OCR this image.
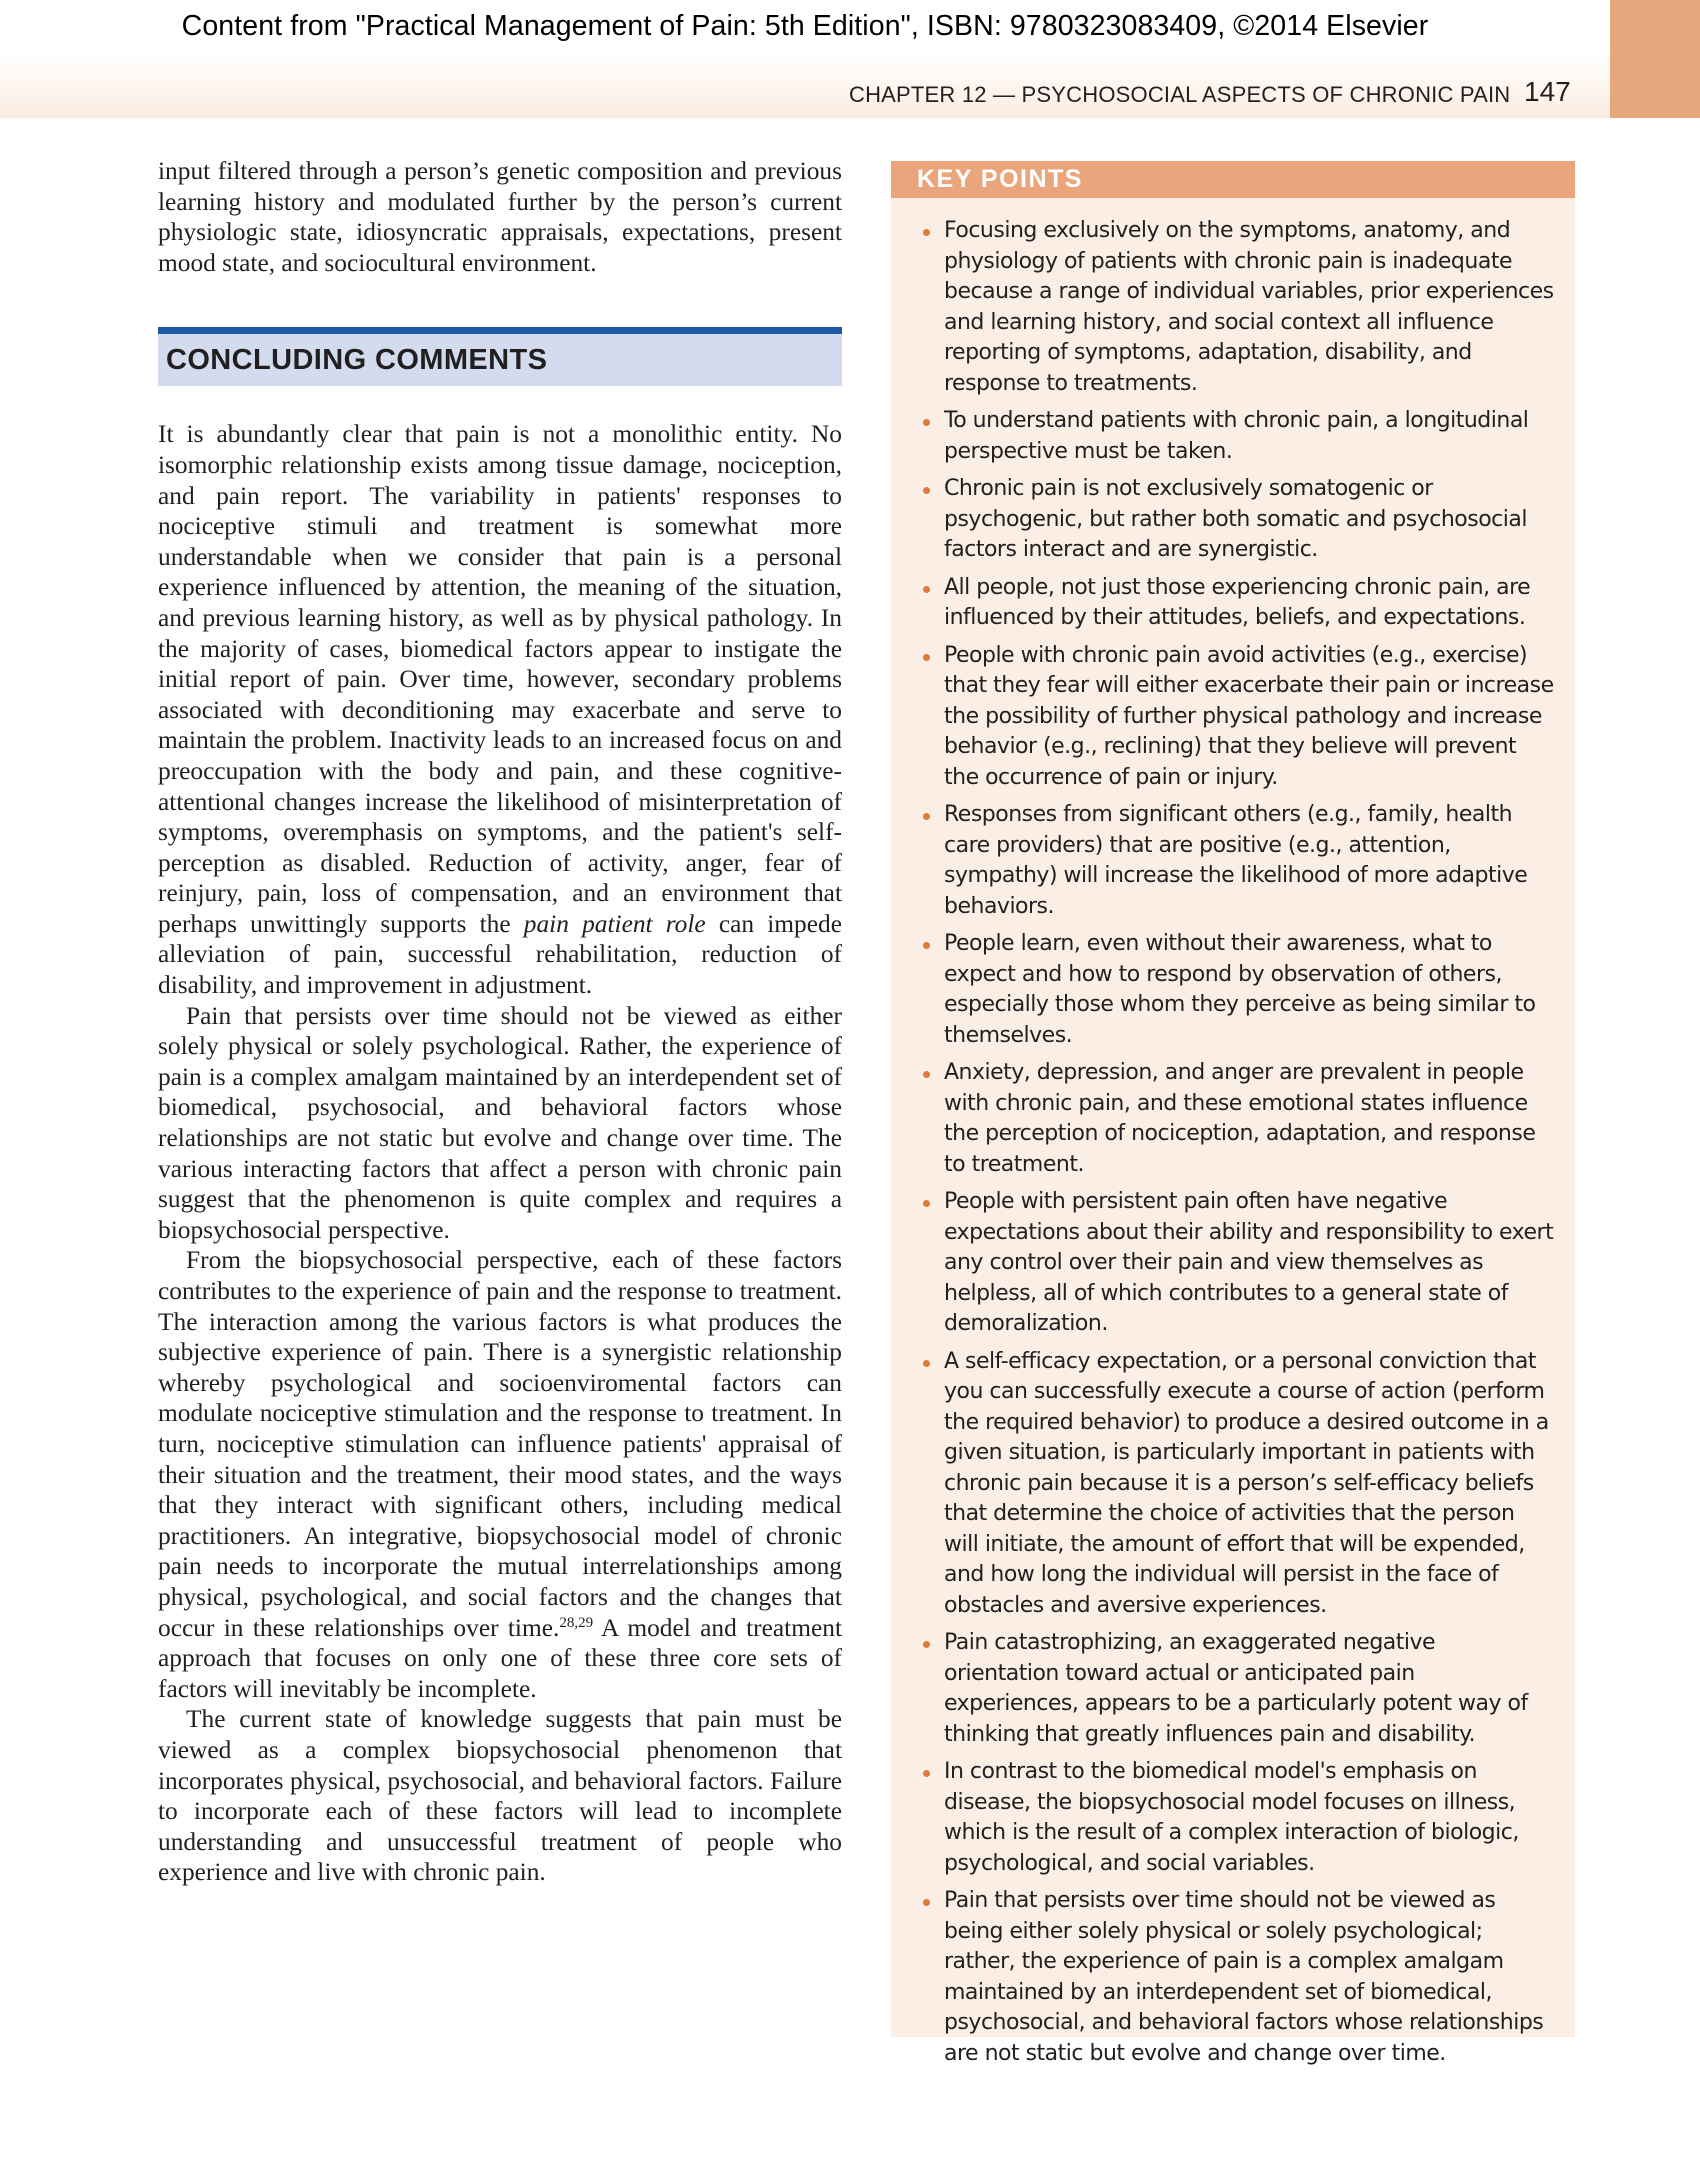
Content from "Practical Management of Pain: 5th Edition", ISBN: 9780323083409, ©2014 Elsevier
CHAPTER 12 — PSYCHOSOCIAL ASPECTS OF CHRONIC PAIN 147

input filtered through a person’s genetic composition and previous learning history and modulated further by the person’s current physiologic state, idiosyncratic appraisals, expectations, present mood state, and sociocultural environment.

CONCLUDING COMMENTS

It is abundantly clear that pain is not a monolithic entity. No isomorphic relationship exists among tissue damage, nociception, and pain report. The variability in patients' responses to nociceptive stimuli and treatment is somewhat more understandable when we consider that pain is a personal experience influenced by attention, the meaning of the situation, and previous learning history, as well as by physical pathology. In the majority of cases, biomedical factors appear to instigate the initial report of pain. Over time, however, secondary problems associated with deconditioning may exacerbate and serve to maintain the problem. Inactivity leads to an increased focus on and preoccupation with the body and pain, and these cognitive-attentional changes increase the likelihood of misinterpretation of symptoms, overemphasis on symptoms, and the patient's self-perception as disabled. Reduction of activity, anger, fear of reinjury, pain, loss of compensation, and an environment that perhaps unwittingly supports the pain patient role can impede alleviation of pain, successful rehabilitation, reduction of disability, and improvement in adjustment.

Pain that persists over time should not be viewed as either solely physical or solely psychological. Rather, the experience of pain is a complex amalgam maintained by an interdependent set of biomedical, psychosocial, and behavioral factors whose relationships are not static but evolve and change over time. The various interacting factors that affect a person with chronic pain suggest that the phenomenon is quite complex and requires a biopsychosocial perspective.

From the biopsychosocial perspective, each of these factors contributes to the experience of pain and the response to treatment. The interaction among the various factors is what produces the subjective experience of pain. There is a synergistic relationship whereby psychological and socioenviromental factors can modulate nociceptive stimulation and the response to treatment. In turn, nociceptive stimulation can influence patients' appraisal of their situation and the treatment, their mood states, and the ways that they interact with significant others, including medical practitioners. An integrative, biopsychosocial model of chronic pain needs to incorporate the mutual interrelationships among physical, psychological, and social factors and the changes that occur in these relationships over time.$^{28,29}$ A model and treatment approach that focuses on only one of these three core sets of factors will inevitably be incomplete.

The current state of knowledge suggests that pain must be viewed as a complex biopsychosocial phenomenon that incorporates physical, psychosocial, and behavioral factors. Failure to incorporate each of these factors will lead to incomplete understanding and unsuccessful treatment of people who experience and live with chronic pain.

KEY POINTS
Focusing exclusively on the symptoms, anatomy, and physiology of patients with chronic pain is inadequate because a range of individual variables, prior experiences and learning history, and social context all influence reporting of symptoms, adaptation, disability, and response to treatments.
To understand patients with chronic pain, a longitudinal perspective must be taken.
Chronic pain is not exclusively somatogenic or psychogenic, but rather both somatic and psychosocial factors interact and are synergistic.
All people, not just those experiencing chronic pain, are influenced by their attitudes, beliefs, and expectations.
People with chronic pain avoid activities (e.g., exercise) that they fear will either exacerbate their pain or increase the possibility of further physical pathology and increase behavior (e.g., reclining) that they believe will prevent the occurrence of pain or injury.
Responses from significant others (e.g., family, health care providers) that are positive (e.g., attention, sympathy) will increase the likelihood of more adaptive behaviors.
People learn, even without their awareness, what to expect and how to respond by observation of others, especially those whom they perceive as being similar to themselves.
Anxiety, depression, and anger are prevalent in people with chronic pain, and these emotional states influence the perception of nociception, adaptation, and response to treatment.
People with persistent pain often have negative expectations about their ability and responsibility to exert any control over their pain and view themselves as helpless, all of which contributes to a general state of demoralization.
A self-efficacy expectation, or a personal conviction that you can successfully execute a course of action (perform the required behavior) to produce a desired outcome in a given situation, is particularly important in patients with chronic pain because it is a person’s self-efficacy beliefs that determine the choice of activities that the person will initiate, the amount of effort that will be expended, and how long the individual will persist in the face of obstacles and aversive experiences.
Pain catastrophizing, an exaggerated negative orientation toward actual or anticipated pain experiences, appears to be a particularly potent way of thinking that greatly influences pain and disability.
In contrast to the biomedical model's emphasis on disease, the biopsychosocial model focuses on illness, which is the result of a complex interaction of biologic, psychological, and social variables.
Pain that persists over time should not be viewed as being either solely physical or solely psychological; rather, the experience of pain is a complex amalgam maintained by an interdependent set of biomedical, psychosocial, and behavioral factors whose relationships are not static but evolve and change over time.
